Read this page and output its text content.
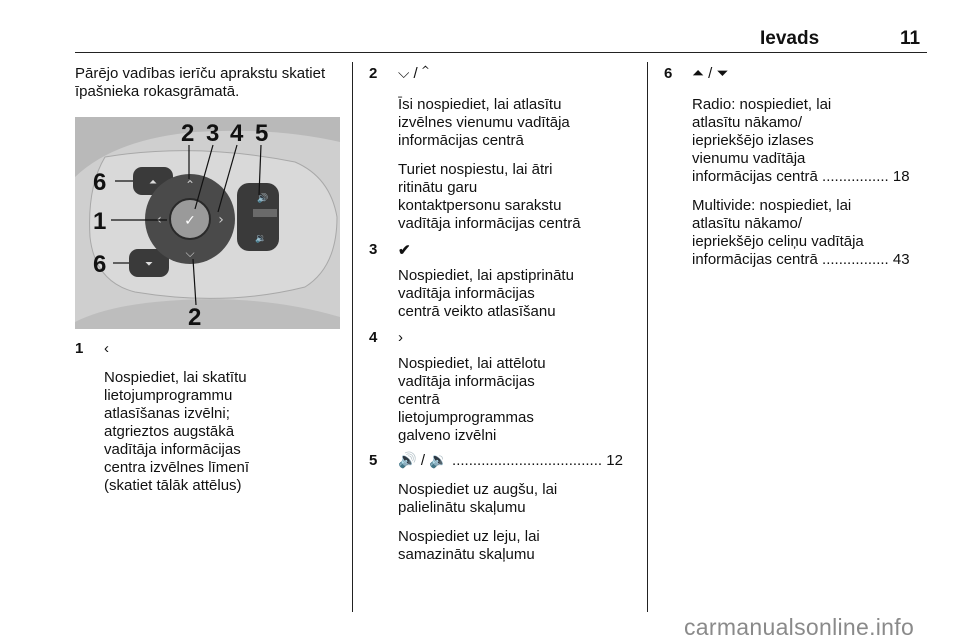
Ievads	11
Pārējo vadības ierīču aprakstu skatiet
īpašnieka rokasgrāmatā.
⏶
⏷
✓
⌃
⌵
‹	›
🔊
🔉
2 3 4 5
6
1
6
2
1 ‹
Nospiediet, lai skatītu
lietojumprogrammu
atlasīšanas izvēlni;
atgrieztos augstākā
vadītāja informācijas
centra izvēlnes līmenī
(skatiet tālāk attēlus)
2 ⌵ / ⌃
Īsi nospiediet, lai atlasītu
izvēlnes vienumu vadītāja
informācijas centrā
Turiet nospiestu, lai ātri
ritinātu garu
kontaktpersonu sarakstu
vadītāja informācijas centrā
3 ✔
Nospiediet, lai apstiprinātu
vadītāja informācijas
centrā veikto atlasīšanu
4 ›
Nospiediet, lai attēlotu
vadītāja informācijas
centrā
lietojumprogrammas
galveno izvēlni
5 🔊 / 🔉 .................................... 12
Nospiediet uz augšu, lai
palielinātu skaļumu
Nospiediet uz leju, lai
samazinātu skaļumu
6 ⏶ / ⏷
Radio: nospiediet, lai
atlasītu nākamo/
iepriekšējo izlases
vienumu vadītāja
informācijas centrā ................ 18
Multivide: nospiediet, lai
atlasītu nākamo/
iepriekšējo celiņu vadītāja
informācijas centrā ................ 43
carmanualsonline.info
